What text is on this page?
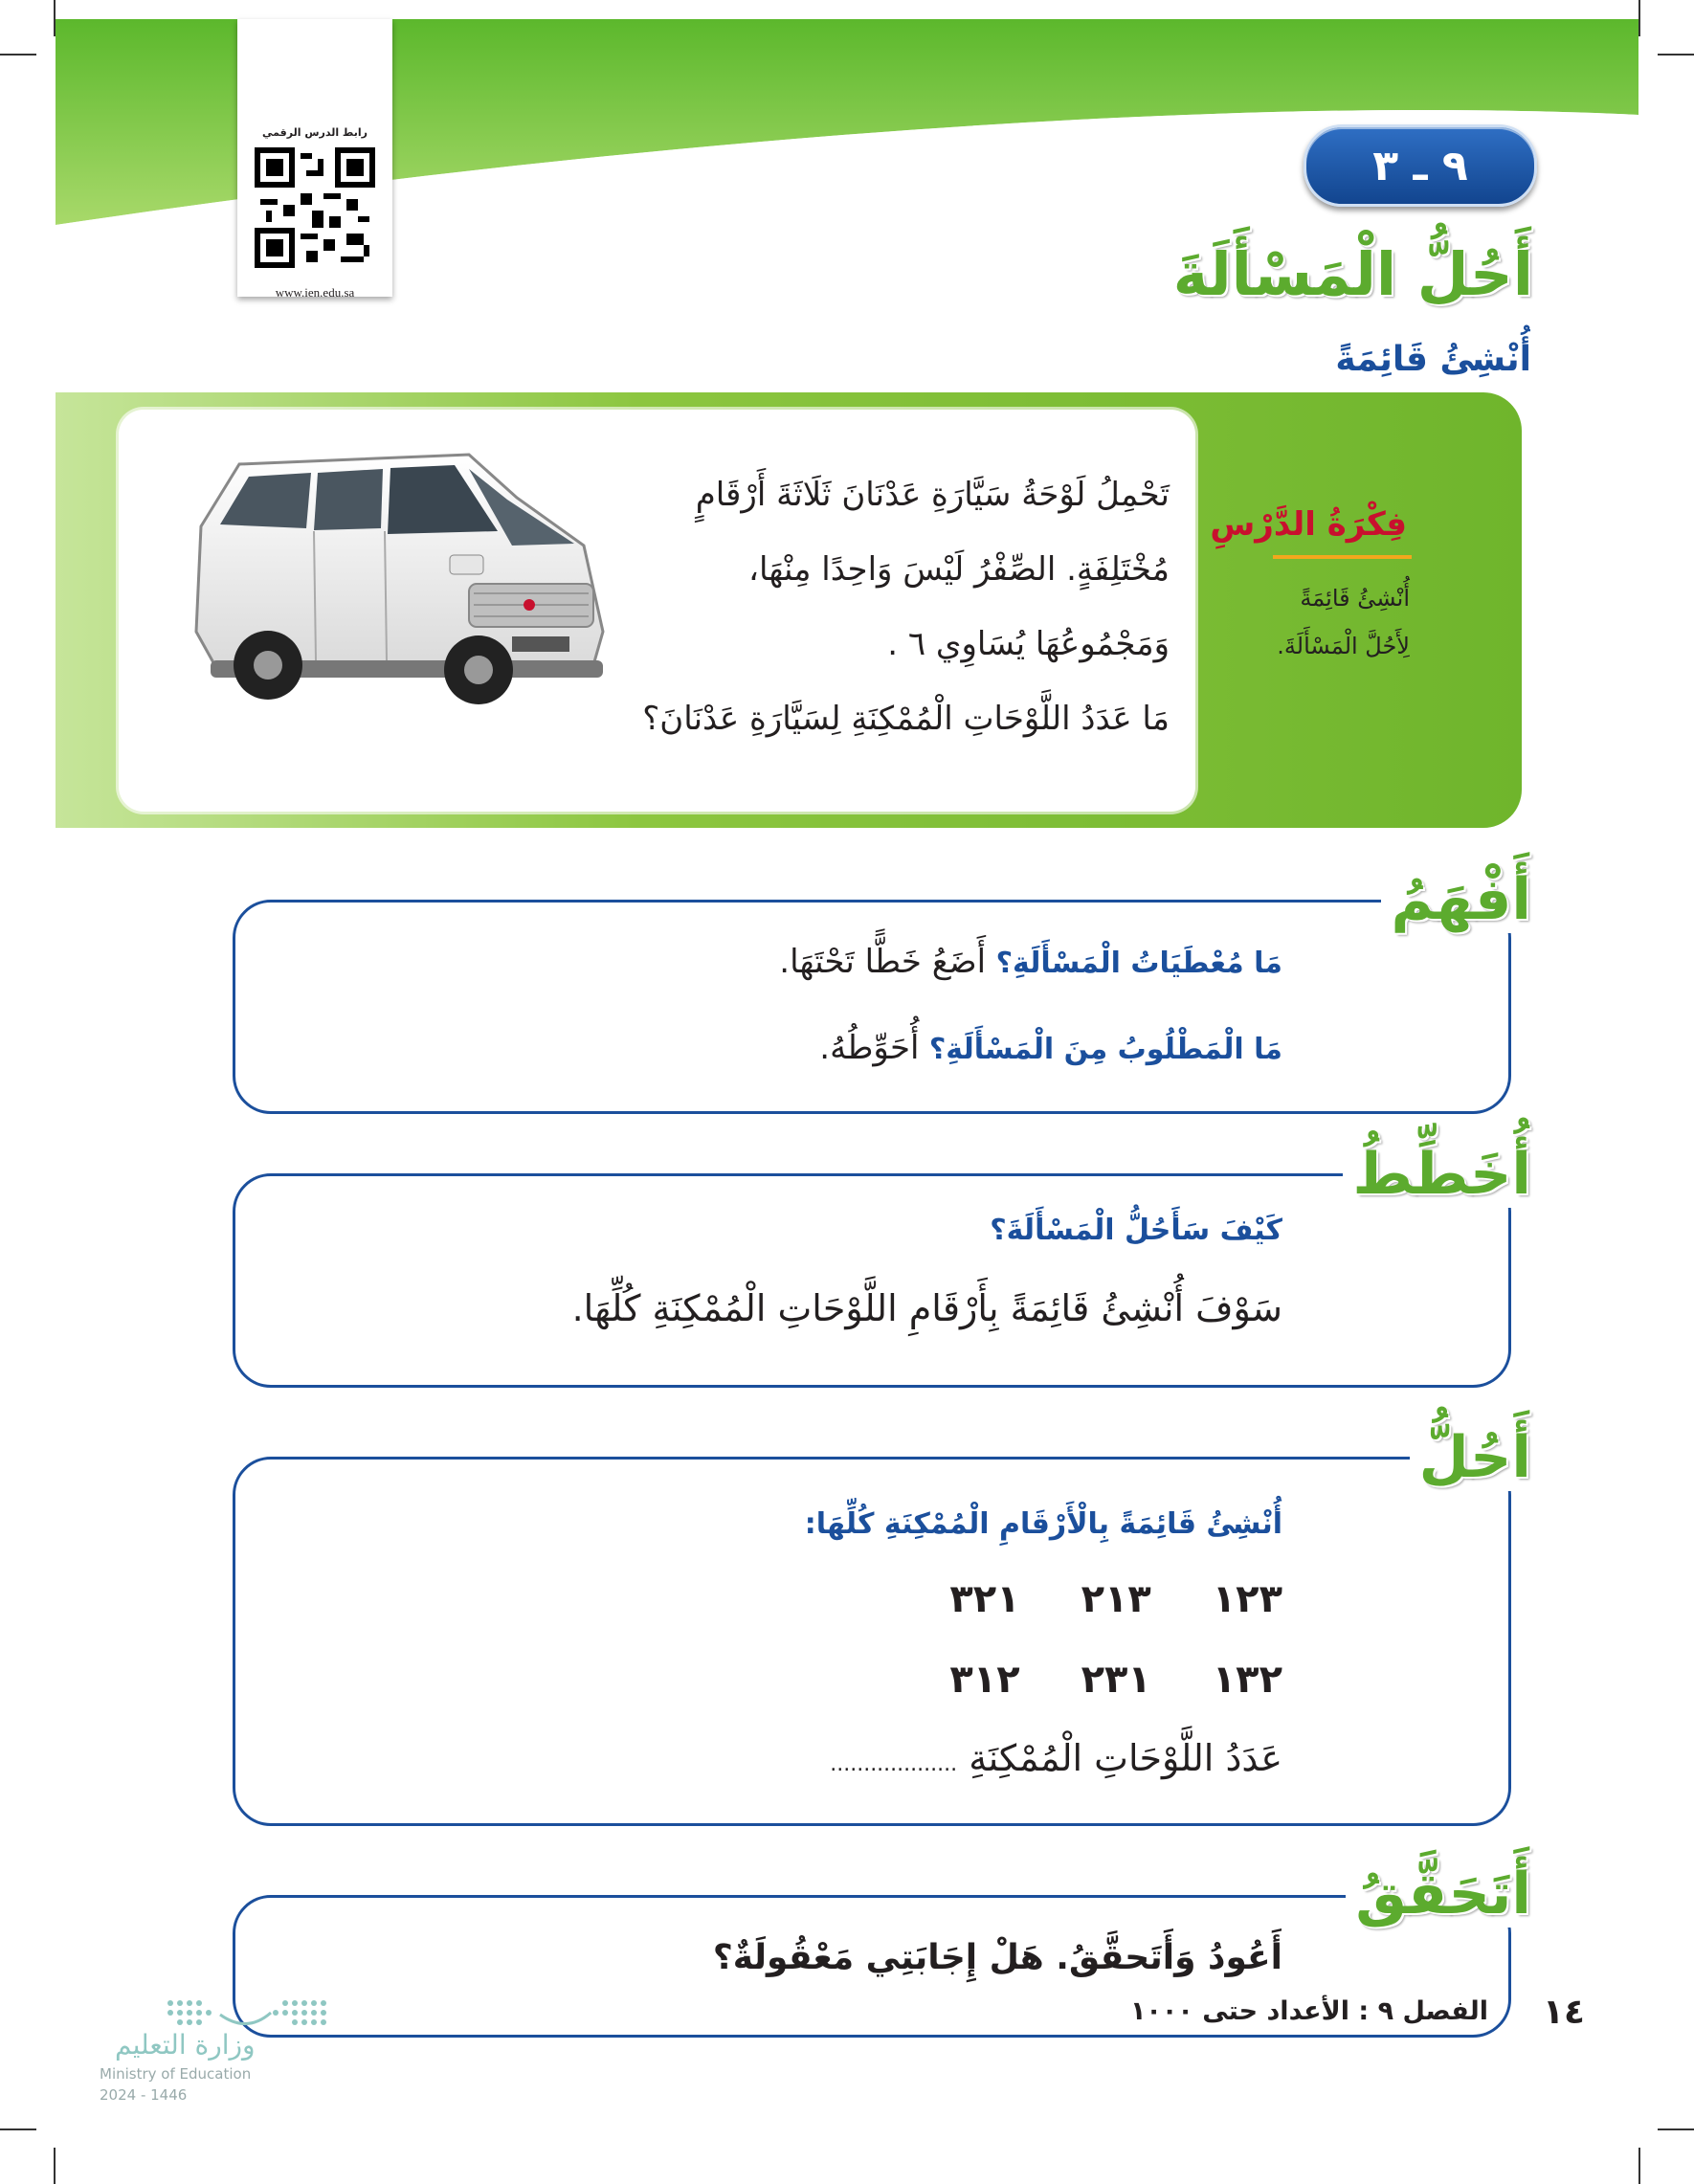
رابط الدرس الرقمي
www.ien.edu.sa
٩ ـ ٣
أَحُلُّ الْمَسْأَلَةَ
أُنْشِئُ قَائِمَةً
فِكْرَةُ الدَّرْسِ
أُنْشِئُ قَائِمَةً لِأَحُلَّ الْمَسْأَلَةَ.
تَحْمِلُ لَوْحَةُ سَيَّارَةِ عَدْنَانَ ثَلَاثَةَ أَرْقَامٍ
مُخْتَلِفَةٍ. الصِّفْرُ لَيْسَ وَاحِدًا مِنْهَا،
وَمَجْمُوعُهَا يُسَاوِي ٦ .
مَا عَدَدُ اللَّوْحَاتِ الْمُمْكِنَةِ لِسَيَّارَةِ عَدْنَانَ؟
أَفْهَمُ
مَا مُعْطَيَاتُ الْمَسْأَلَةِ؟ أَضَعُ خَطًّا تَحْتَهَا.
مَا الْمَطْلُوبُ مِنَ الْمَسْأَلَةِ؟ أُحَوِّطُهُ.
أُخَطِّطُ
كَيْفَ سَأَحُلُّ الْمَسْأَلَةَ؟
سَوْفَ أُنْشِئُ قَائِمَةً بِأَرْقَامِ اللَّوْحَاتِ الْمُمْكِنَةِ كُلِّهَا.
أَحُلُّ
أُنْشِئُ قَائِمَةً بِالْأَرْقَامِ الْمُمْكِنَةِ كُلِّهَا:
١٢٣ ٢١٣ ٣٢١
١٣٢ ٢٣١ ٣١٢
عَدَدُ اللَّوْحَاتِ الْمُمْكِنَةِ ...................
أَتَحَقَّقُ
أَعُودُ وَأَتَحقَّقُ. هَلْ إِجَابَتِي مَعْقُولَةٌ؟
وزارة التعليم
Ministry of Education
2024 - 1446
١٤
الفصل ٩ : الأعداد حتى ١٠٠٠
